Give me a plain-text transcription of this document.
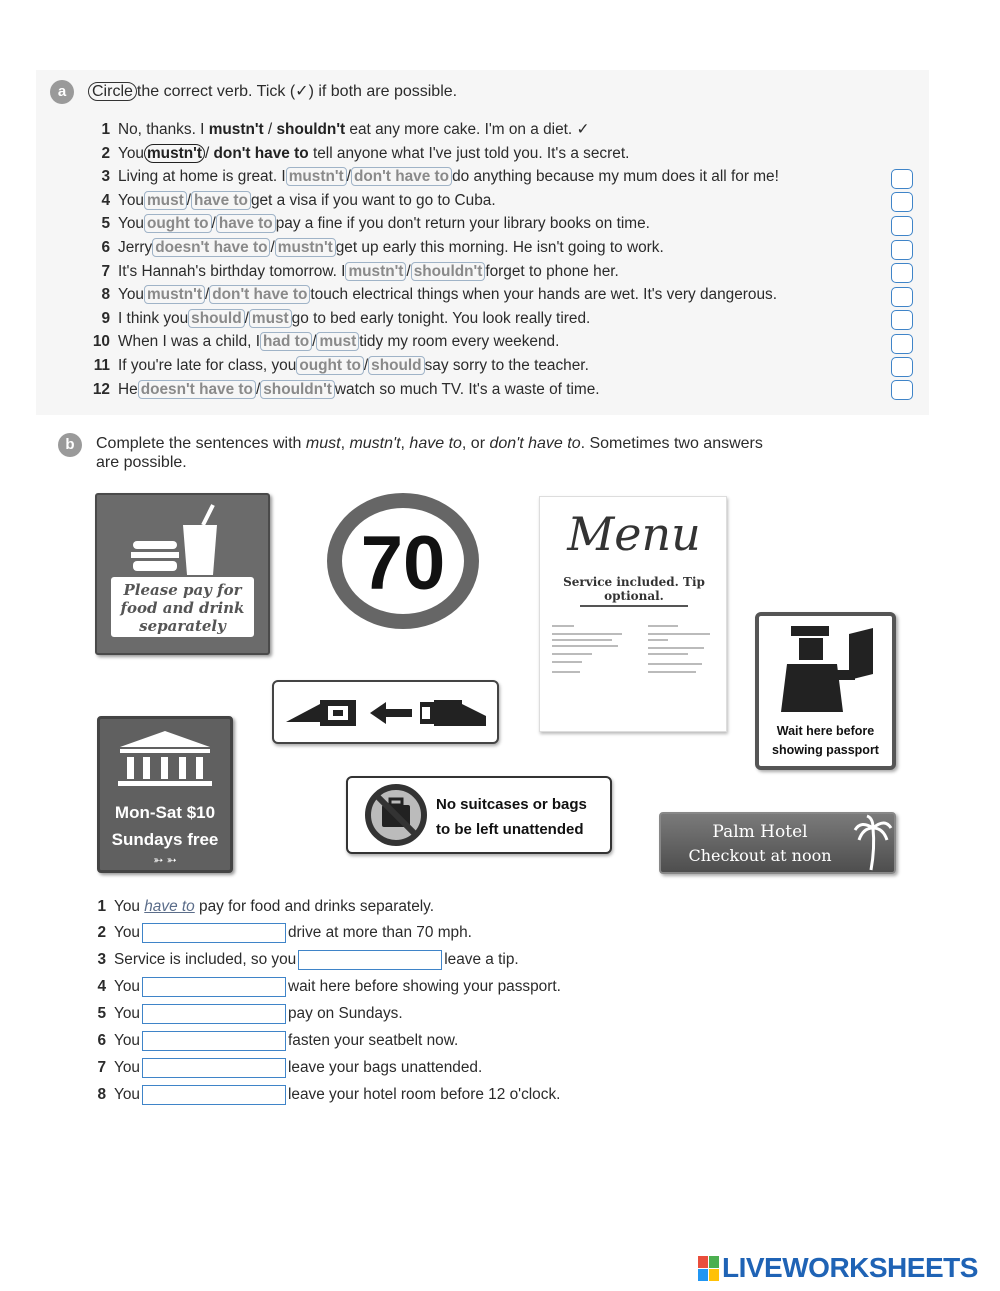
a	Circle the correct verb. Tick (✓) if both are possible.
1 No, thanks. I mustn't / shouldn't eat any more cake. I'm on a diet. ✓
2 You mustn't / don't have to tell anyone what I've just told you. It's a secret.
3 Living at home is great. I mustn't / don't have to do anything because my mum does it all for me!
4 You must / have to get a visa if you want to go to Cuba.
5 You ought to / have to pay a fine if you don't return your library books on time.
6 Jerry doesn't have to / mustn't get up early this morning. He isn't going to work.
7 It's Hannah's birthday tomorrow. I mustn't / shouldn't forget to phone her.
8 You mustn't / don't have to touch electrical things when your hands are wet. It's very dangerous.
9 I think you should / must go to bed early tonight. You look really tired.
10 When I was a child, I had to / must tidy my room every weekend.
11 If you're late for class, you ought to / should say sorry to the teacher.
12 He doesn't have to / shouldn't watch so much TV. It's a waste of time.
b	Complete the sentences with must, mustn't, have to, or don't have to. Sometimes two answers
are possible.
Please pay for food and drink separately
70	Menu
Service included. Tip optional.
Wait here before
showing passport
Mon-Sat $10
Sundays free
➳ ➳
No suitcases or bags
to be left unattended	Palm Hotel
Checkout at noon
1 You have to pay for food and drinks separately.
2 You	drive at more than 70 mph.
3 Service is included, so you	leave a tip.
4 You	wait here before showing your passport.
5 You	pay on Sundays.
6 You	fasten your seatbelt now.
7 You	leave your bags unattended.
8 You	leave your hotel room before 12 o'clock.
LIVEWORKSHEETS
